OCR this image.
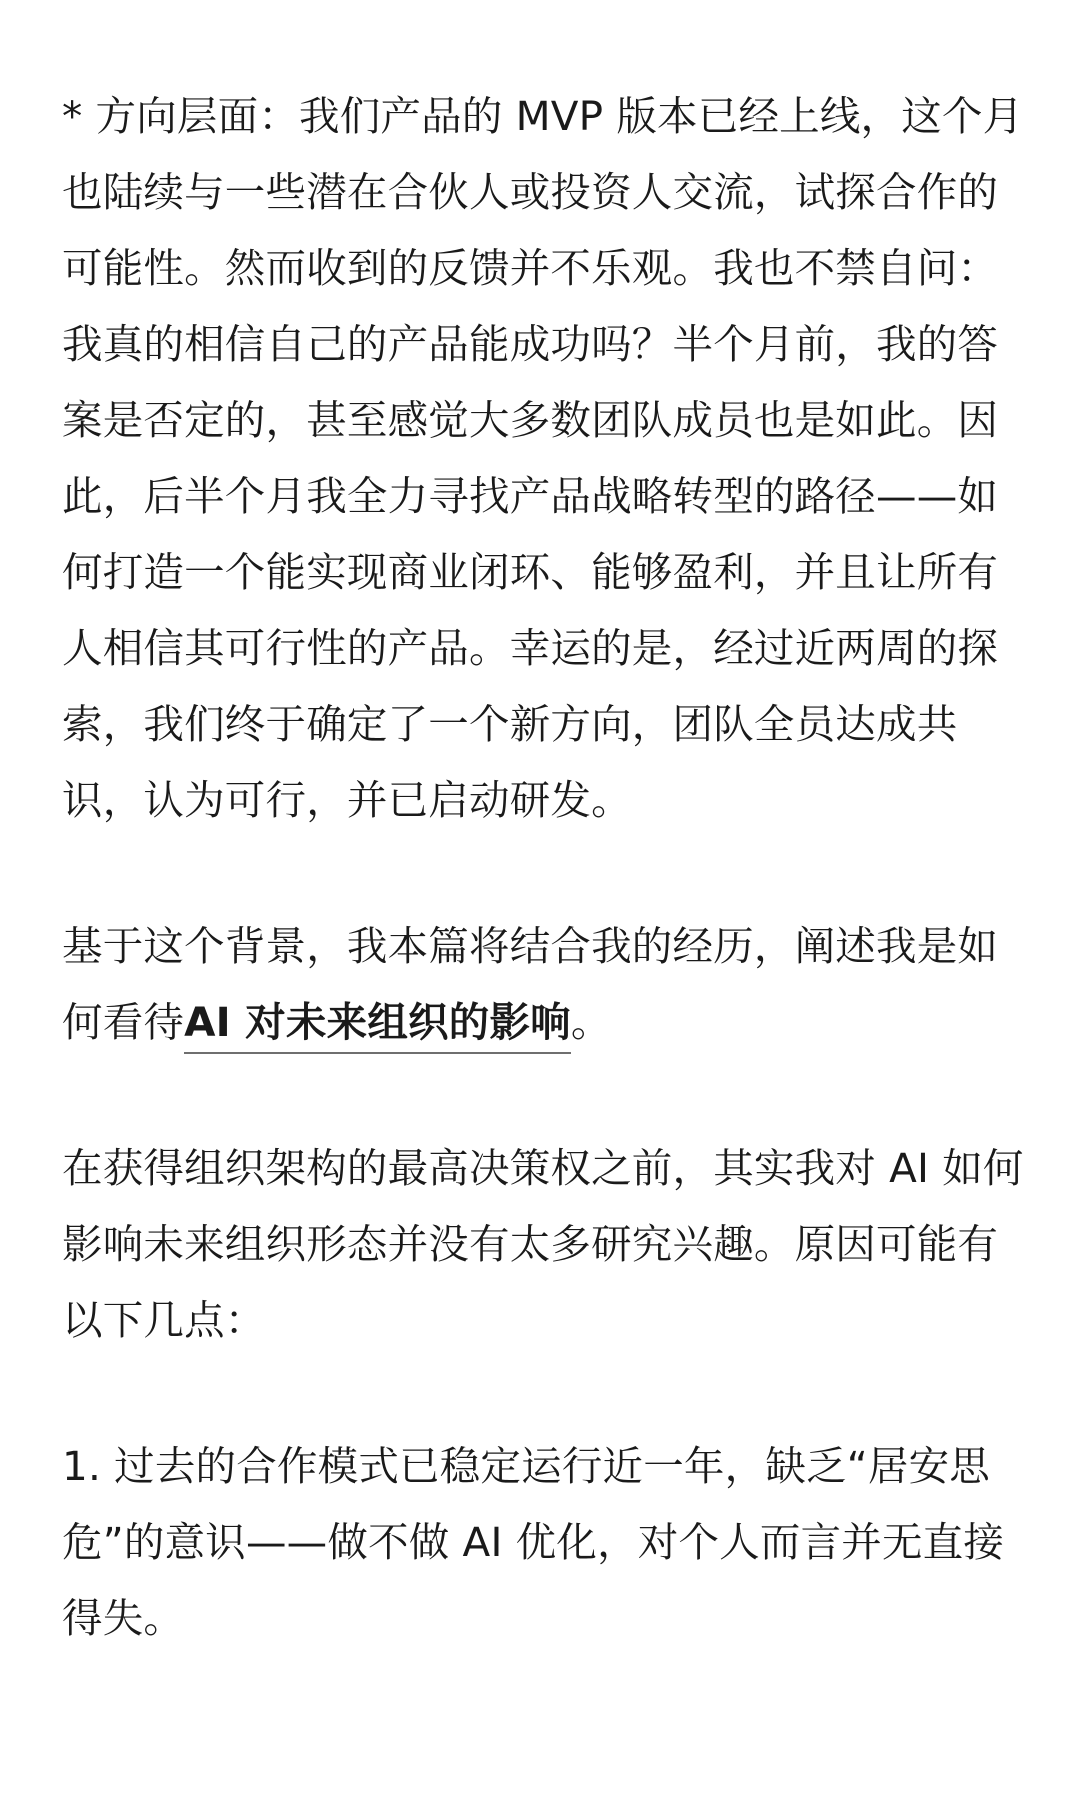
* 方向层面：我们产品的 MVP 版本已经上线，这个月也陆续与一些潜在合伙人或投资人交流，试探合作的可能性。然而收到的反馈并不乐观。我也不禁自问：我真的相信自己的产品能成功吗？半个月前，我的答案是否定的，甚至感觉大多数团队成员也是如此。因此，后半个月我全力寻找产品战略转型的路径——如何打造一个能实现商业闭环、能够盈利，并且让所有人相信其可行性的产品。幸运的是，经过近两周的探索，我们终于确定了一个新方向，团队全员达成共识，认为可行，并已启动研发。

基于这个背景，我本篇将结合我的经历，阐述我是如何看待AI 对未来组织的影响。

在获得组织架构的最高决策权之前，其实我对 AI 如何影响未来组织形态并没有太多研究兴趣。原因可能有以下几点：

1. 过去的合作模式已稳定运行近一年，缺乏“居安思危”的意识——做不做 AI 优化，对个人而言并无直接得失。
